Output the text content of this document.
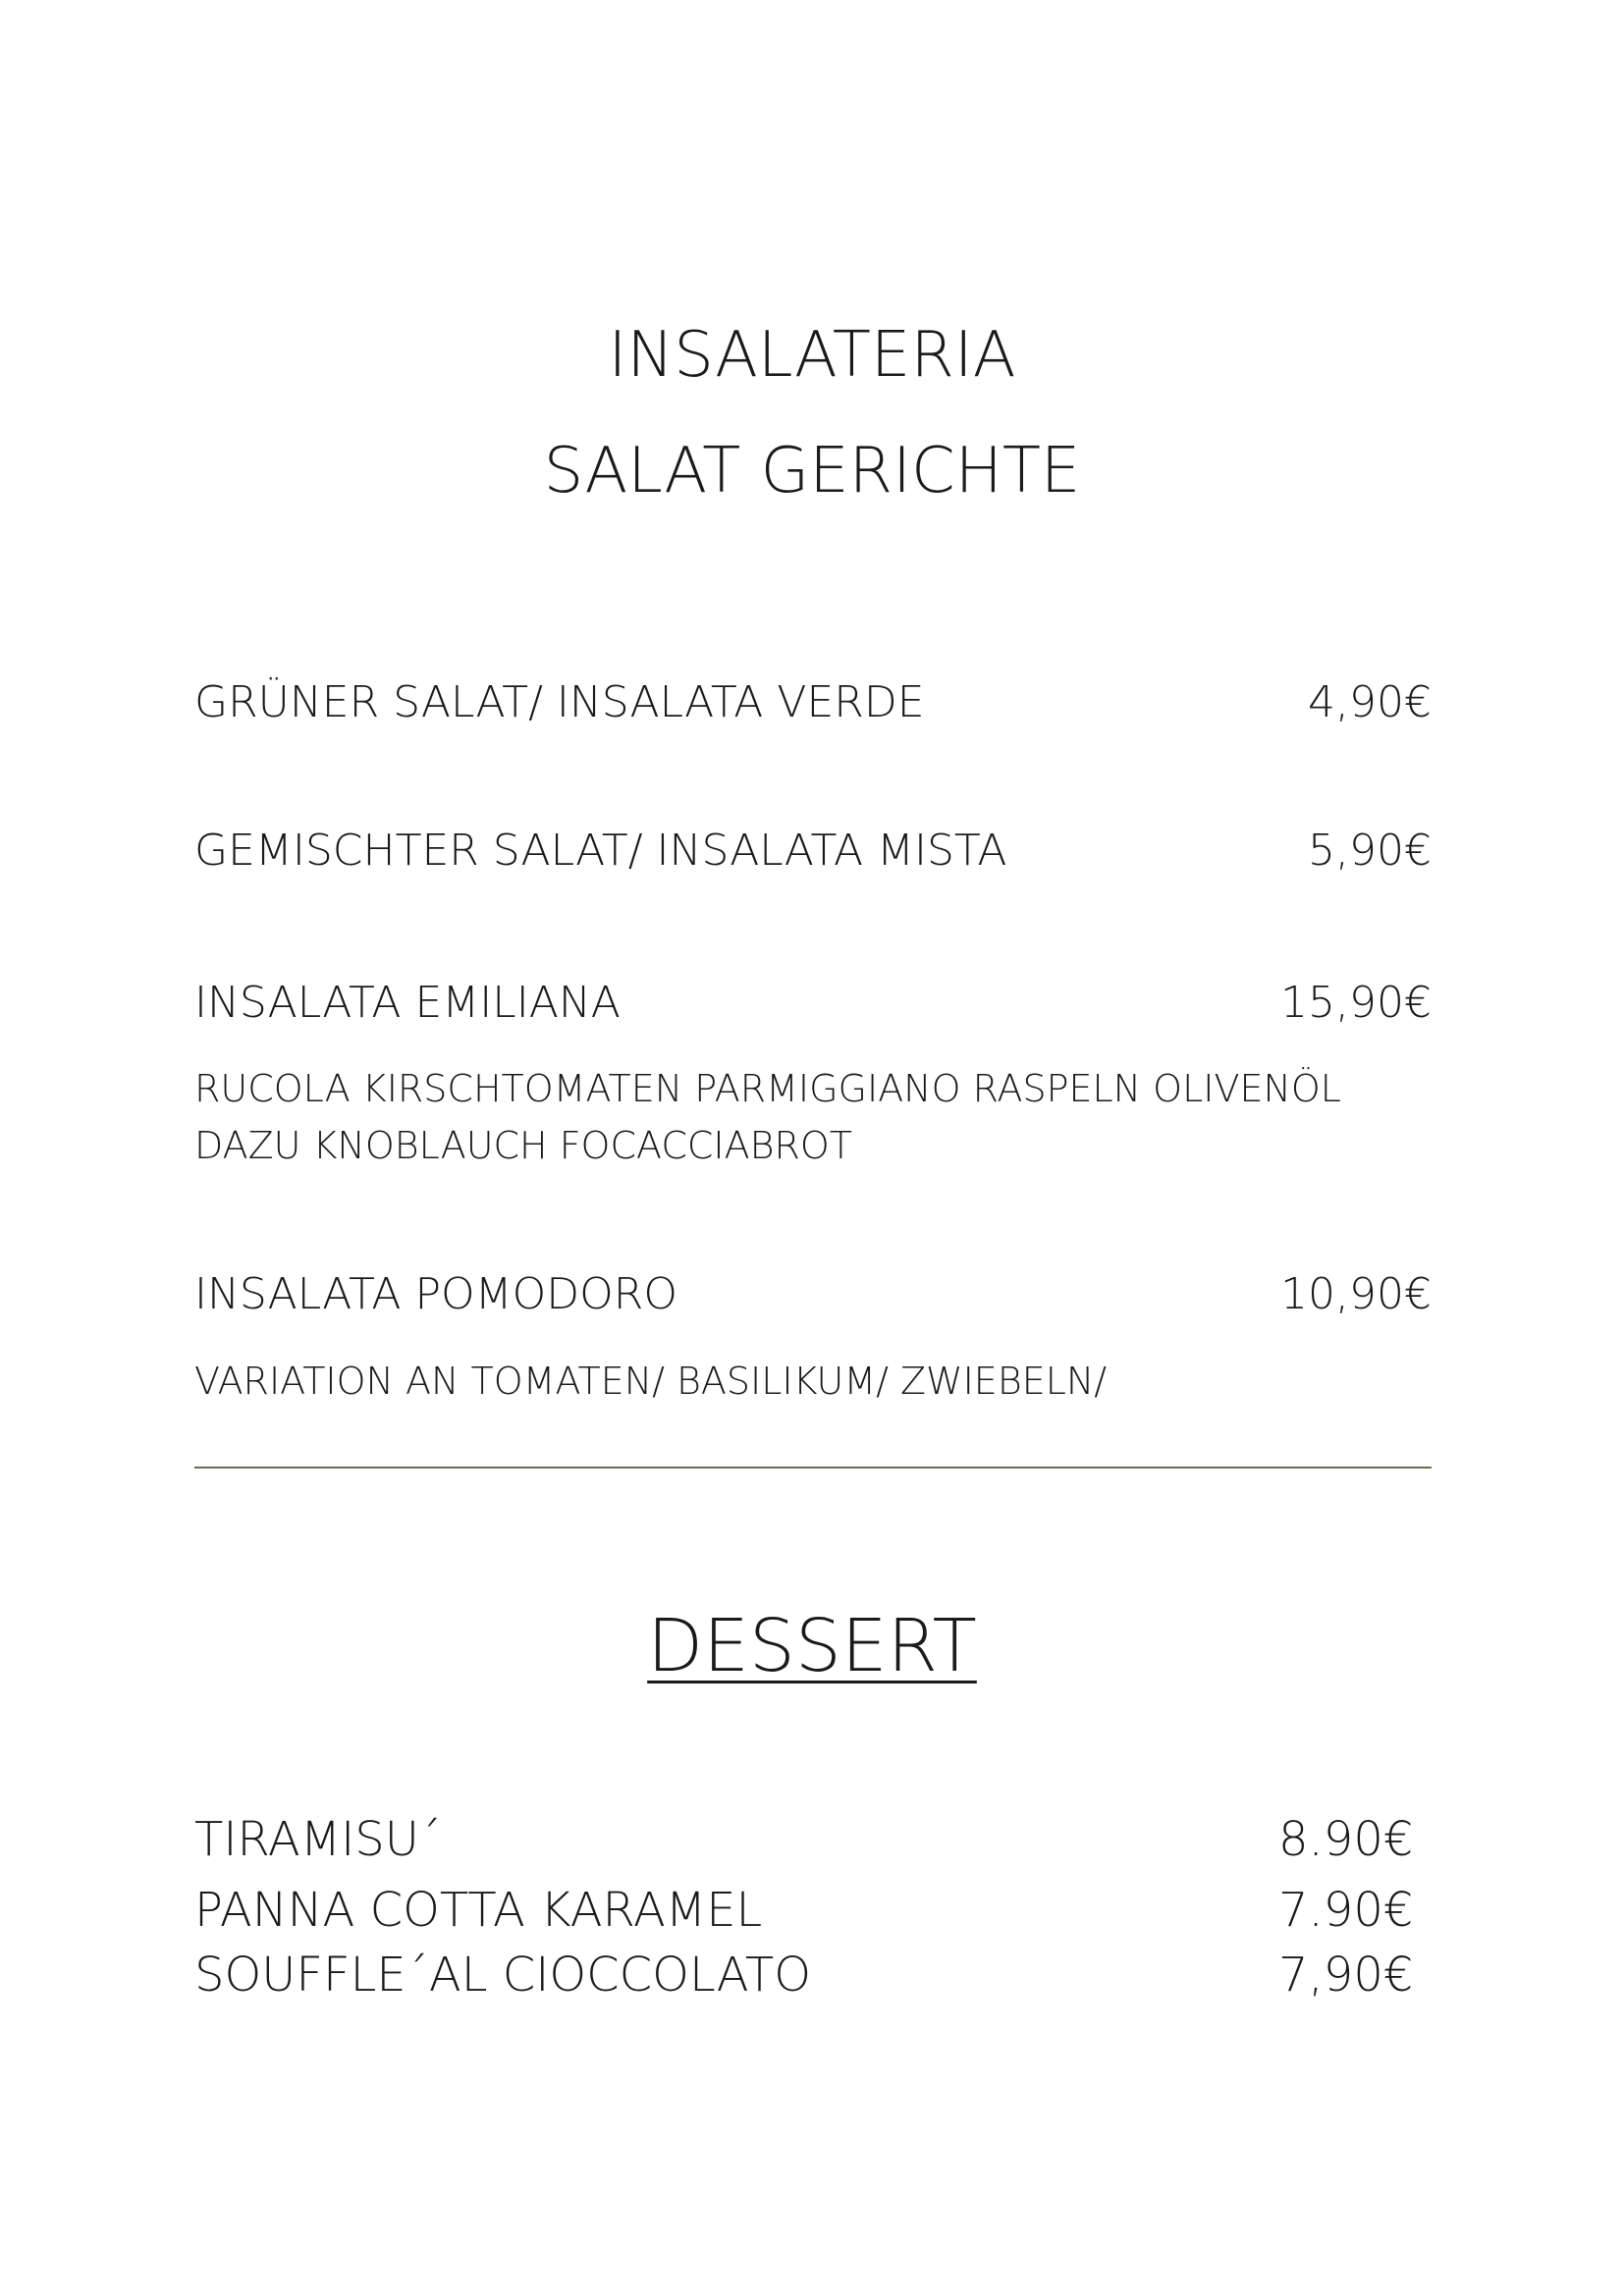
INSALATERIA
SALAT GERICHTE
GRÜNER SALAT/ INSALATA VERDE	4,90€
GEMISCHTER SALAT/ INSALATA MISTA	5,90€
INSALATA EMILIANA	15,90€
RUCOLA KIRSCHTOMATEN PARMIGGIANO RASPELN OLIVENÖL DAZU KNOBLAUCH FOCACCIABROT
INSALATA POMODORO	10,90€
VARIATION AN TOMATEN/ BASILIKUM/ ZWIEBELN/
DESSERT
TIRAMISU´	8.90€
PANNA COTTA KARAMEL	7.90€
SOUFFLE´AL CIOCCOLATO	7,90€
